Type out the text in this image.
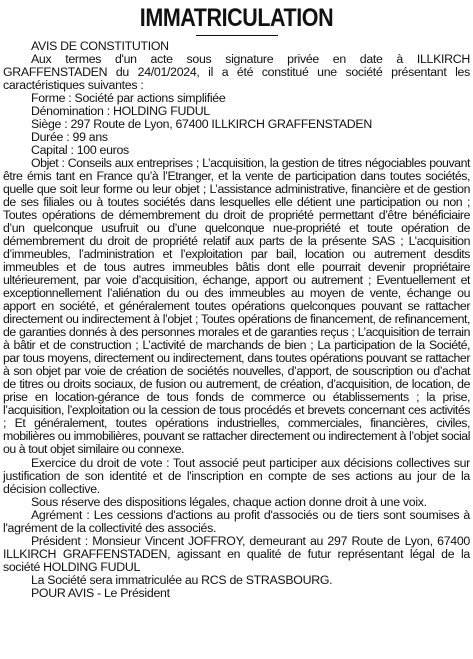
IMMATRICULATION

AVIS DE CONSTITUTION

Aux termes d'un acte sous signature privée en date à ILLKIRCH GRAFFENSTADEN du 24/01/2024, il a été constitué une société présentant les caractéristiques suivantes :

Forme : Société par actions simplifiée

Dénomination : HOLDING FUDUL

Siège : 297 Route de Lyon, 67400 ILLKIRCH GRAFFENSTADEN

Durée : 99 ans

Capital : 100 euros

Objet : Conseils aux entreprises ; L’acquisition, la gestion de titres négociables pouvant être émis tant en France qu’à l’Etranger, et la vente de participation dans toutes sociétés, quelle que soit leur forme ou leur objet ; L’assistance administrative, financière et de gestion de ses filiales ou à toutes sociétés dans lesquelles elle détient une participation ou non ; Toutes opérations de démembrement du droit de propriété permettant d’être bénéficiaire d’un quelconque usufruit ou d’une quelconque nue-propriété et toute opération de démembrement du droit de propriété relatif aux parts de la présente SAS ; L’acquisition d’immeubles, l’administration et l’exploitation par bail, location ou autrement desdits immeubles et de tous autres immeubles bâtis dont elle pourrait devenir propriétaire ultérieurement, par voie d’acquisition, échange, apport ou autrement ; Eventuellement et exceptionnellement l’aliénation du ou des immeubles au moyen de vente, échange ou apport en société, et généralement toutes opérations quelconques pouvant se rattacher directement ou indirectement à l’objet ; Toutes opérations de financement, de refinancement, de garanties donnés à des personnes morales et de garanties reçus ; L’acquisition de terrain à bâtir et de construction ; L’activité de marchands de bien ; La participation de la Société, par tous moyens, directement ou indirectement, dans toutes opérations pouvant se rattacher à son objet par voie de création de sociétés nouvelles, d’apport, de souscription ou d’achat de titres ou droits sociaux, de fusion ou autrement, de création, d’acquisition, de location, de prise en location-gérance de tous fonds de commerce ou établissements ; la prise, l’acquisition, l’exploitation ou la cession de tous procédés et brevets concernant ces activités ; Et généralement, toutes opérations industrielles, commerciales, financières, civiles, mobilières ou immobilières, pouvant se rattacher directement ou indirectement à l’objet social ou à tout objet similaire ou connexe.

Exercice du droit de vote : Tout associé peut participer aux décisions collectives sur justification de son identité et de l'inscription en compte de ses actions au jour de la décision collective.

Sous réserve des dispositions légales, chaque action donne droit à une voix.

Agrément : Les cessions d'actions au profit d'associés ou de tiers sont soumises à l'agrément de la collectivité des associés.

Président : Monsieur Vincent JOFFROY, demeurant au 297 Route de Lyon, 67400 ILLKIRCH GRAFFENSTADEN, agissant en qualité de futur représentant légal de la société HOLDING FUDUL

La Société sera immatriculée au RCS de STRASBOURG.

POUR AVIS - Le Président
